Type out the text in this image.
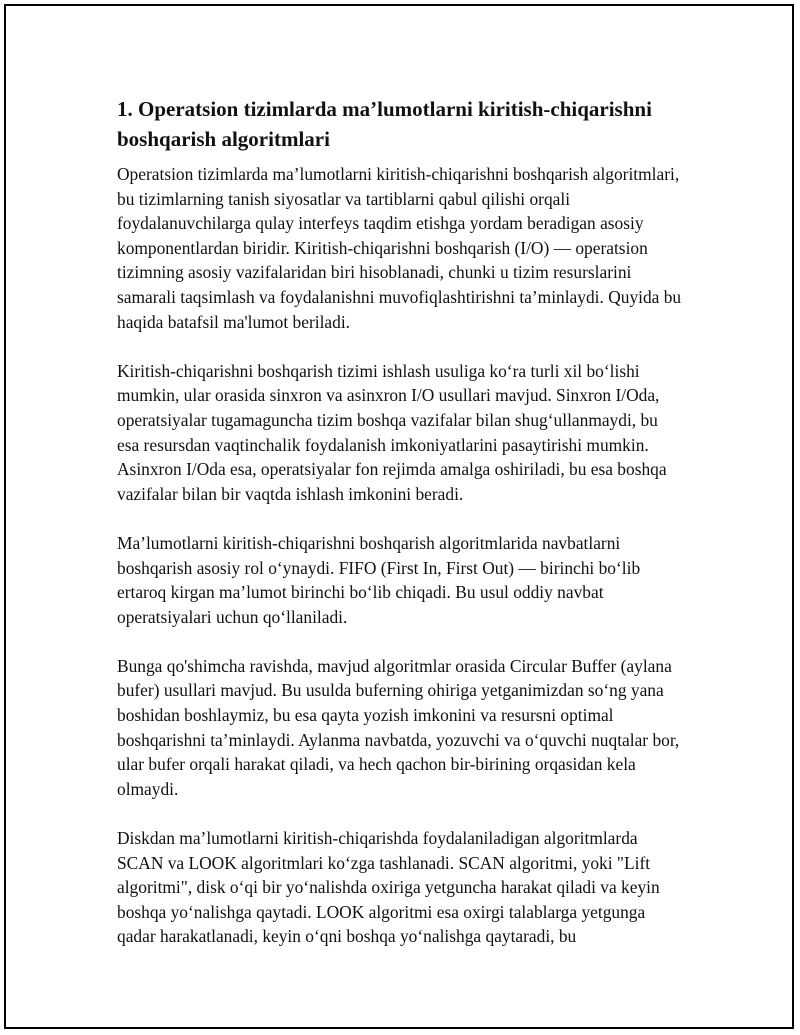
1. Operatsion tizimlarda ma’lumotlarni kiritish-chiqarishni boshqarish algoritmlari

Operatsion tizimlarda ma’lumotlarni kiritish-chiqarishni boshqarish algoritmlari, bu tizimlarning tanish siyosatlar va tartiblarni qabul qilishi orqali foydalanuvchilarga qulay interfeys taqdim etishga yordam beradigan asosiy komponentlardan biridir. Kiritish-chiqarishni boshqarish (I/O) — operatsion tizimning asosiy vazifalaridan biri hisoblanadi, chunki u tizim resurslarini samarali taqsimlash va foydalanishni muvofiqlashtirishni ta’minlaydi. Quyida bu haqida batafsil ma'lumot beriladi.

Kiritish-chiqarishni boshqarish tizimi ishlash usuliga ko‘ra turli xil bo‘lishi mumkin, ular orasida sinxron va asinxron I/O usullari mavjud. Sinxron I/Oda, operatsiyalar tugamaguncha tizim boshqa vazifalar bilan shug‘ullanmaydi, bu esa resursdan vaqtinchalik foydalanish imkoniyatlarini pasaytirishi mumkin. Asinxron I/Oda esa, operatsiyalar fon rejimda amalga oshiriladi, bu esa boshqa vazifalar bilan bir vaqtda ishlash imkonini beradi.

Ma’lumotlarni kiritish-chiqarishni boshqarish algoritmlarida navbatlarni boshqarish asosiy rol o‘ynaydi. FIFO (First In, First Out) — birinchi bo‘lib ertaroq kirgan ma’lumot birinchi bo‘lib chiqadi. Bu usul oddiy navbat operatsiyalari uchun qo‘llaniladi.

Bunga qo'shimcha ravishda, mavjud algoritmlar orasida Circular Buffer (aylana bufer) usullari mavjud. Bu usulda buferning ohiriga yetganimizdan so‘ng yana boshidan boshlaymiz, bu esa qayta yozish imkonini va resursni optimal boshqarishni ta’minlaydi. Aylanma navbatda, yozuvchi va o‘quvchi nuqtalar bor, ular bufer orqali harakat qiladi, va hech qachon bir-birining orqasidan kela olmaydi.

Diskdan ma’lumotlarni kiritish-chiqarishda foydalaniladigan algoritmlarda SCAN va LOOK algoritmlari ko‘zga tashlanadi. SCAN algoritmi, yoki "Lift algoritmi", disk o‘qi bir yo‘nalishda oxiriga yetguncha harakat qiladi va keyin boshqa yo‘nalishga qaytadi. LOOK algoritmi esa oxirgi talablarga yetgunga qadar harakatlanadi, keyin o‘qni boshqa yo‘nalishga qaytaradi, bu
